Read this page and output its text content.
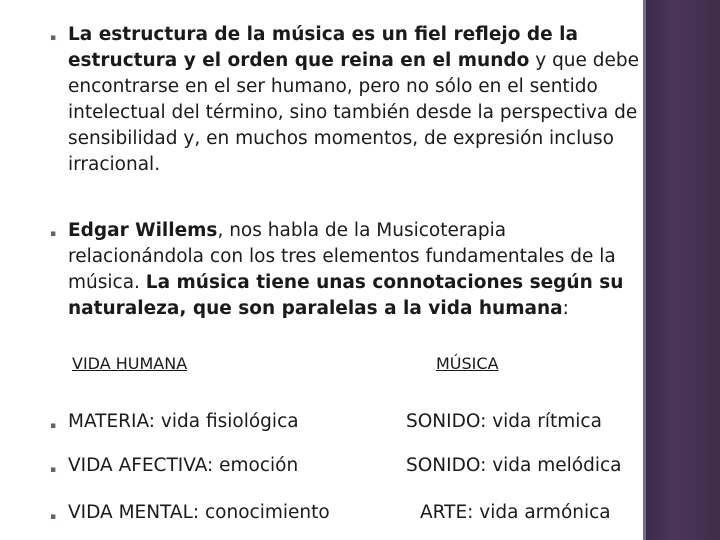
▪ La estructura de la música es un fiel reflejo de la estructura y el orden que reina en el mundo y que debe encontrarse en el ser humano, pero no sólo en el sentido intelectual del término, sino también desde la perspectiva de sensibilidad y, en muchos momentos, de expresión incluso irracional.

▪ Edgar Willems, nos habla de la Musicoterapia relacionándola con los tres elementos fundamentales de la música. La música tiene unas connotaciones según su naturaleza, que son paralelas a la vida humana:

VIDA HUMANA	MÚSICA
▪ MATERIA: vida fisiológica	SONIDO: vida rítmica
▪ VIDA AFECTIVA: emoción	SONIDO: vida melódica
▪ VIDA MENTAL: conocimiento	ARTE: vida armónica
